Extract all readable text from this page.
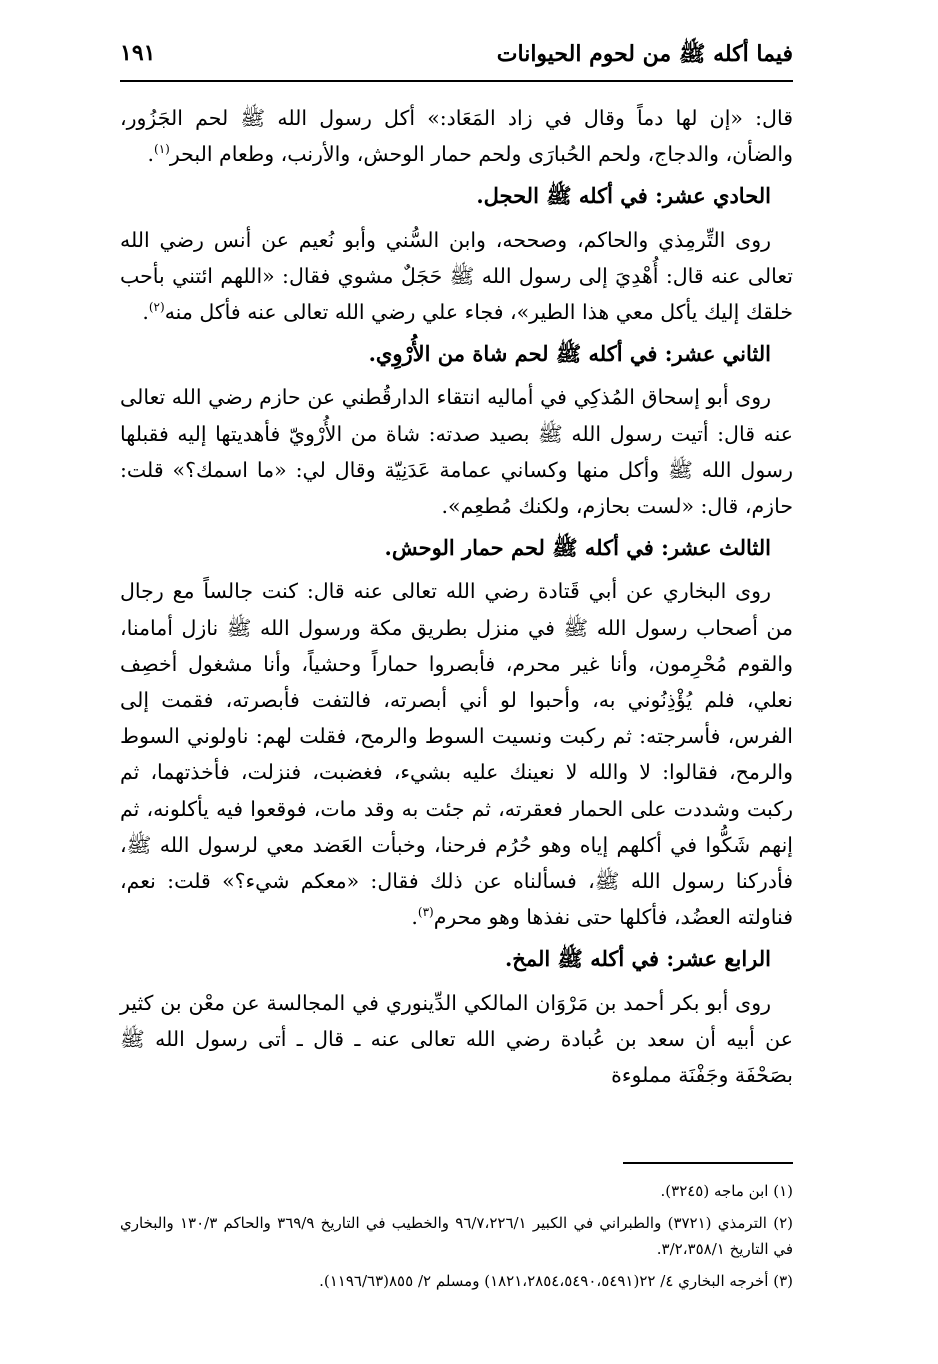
فيما أكله ﷺ من لحوم الحيوانات
١٩١

قال: «إن لها دماً وقال في زاد المَعَاد:» أكل رسول الله ﷺ لحم الجَزُور، والضأن، والدجاج، ولحم الحُبارَى ولحم حمار الوحش، والأرنب، وطعام البحر$^{(١)}$.

الحادي عشر: في أكله ﷺ الحجل.

روى التِّرمِذي والحاكم، وصححه، وابن السُّني وأبو نُعيم عن أنس رضي الله تعالى عنه قال: أُهْدِيَ إلى رسول الله ﷺ حَجَلٌ مشوي فقال: «اللهم ائتني بأحب خلقك إليك يأكل معي هذا الطير»، فجاء علي رضي الله تعالى عنه فأكل منه$^{(٢)}$.

الثاني عشر: في أكله ﷺ لحم شاة من الأُرْوِي.

روى أبو إسحاق المُذكِي في أماليه انتقاء الدارقُطني عن حازم رضي الله تعالى عنه قال: أتيت رسول الله ﷺ بصيد صدته: شاة من الأُرْويّ فأهديتها إليه فقبلها رسول الله ﷺ وأكل منها وكساني عمامة عَدَنِيّة وقال لي: «ما اسمك؟» قلت: حازم، قال: «لست بحازم، ولكنك مُطعِم».

الثالث عشر: في أكله ﷺ لحم حمار الوحش.

روى البخاري عن أبي قَتادة رضي الله تعالى عنه قال: كنت جالساً مع رجال من أصحاب رسول الله ﷺ في منزل بطريق مكة ورسول الله ﷺ نازل أمامنا، والقوم مُحْرِمون، وأنا غير محرم، فأبصروا حماراً وحشياً، وأنا مشغول أخصِف نعلي، فلم يُؤْذِنُوني به، وأحبوا لو أني أبصرته، فالتفت فأبصرته، فقمت إلى الفرس، فأسرجته: ثم ركبت ونسيت السوط والرمح، فقلت لهم: ناولوني السوط والرمح، فقالوا: لا والله لا نعينك عليه بشيء، فغضبت، فنزلت، فأخذتهما، ثم ركبت وشددت على الحمار فعقرته، ثم جئت به وقد مات، فوقعوا فيه يأكلونه، ثم إنهم شَكُّوا في أكلهم إياه وهو حُرُم فرحنا، وخبأت العَضد معي لرسول الله ﷺ، فأدركنا رسول الله ﷺ، فسألناه عن ذلك فقال: «معكم شيء؟» قلت: نعم، فناولته العضُد، فأكلها حتى نفذها وهو محرم$^{(٣)}$.

الرابع عشر: في أكله ﷺ المخ.

روى أبو بكر أحمد بن مَرْوَان المالكي الدِّينوري في المجالسة عن معْن بن كثير عن أبيه أن سعد بن عُبادة رضي الله تعالى عنه ـ قال ـ أتى رسول الله ﷺ بصَحْفَة وجَفْنَة مملوءة

(١) ابن ماجه (٣٢٤٥).

(٢) الترمذي (٣٧٢١) والطبراني في الكبير ٩٦/٧،٢٢٦/١ والخطيب في التاريخ ٣٦٩/٩ والحاكم ١٣٠/٣ والبخاري في التاريخ ٣/٢،٣٥٨/١.

(٣) أخرجه البخاري ٤/ ٢٢(١٨٢١،٢٨٥٤،٥٤٩٠،٥٤٩١) ومسلم ٢/ ٨٥٥(١١٩٦/٦٣).
